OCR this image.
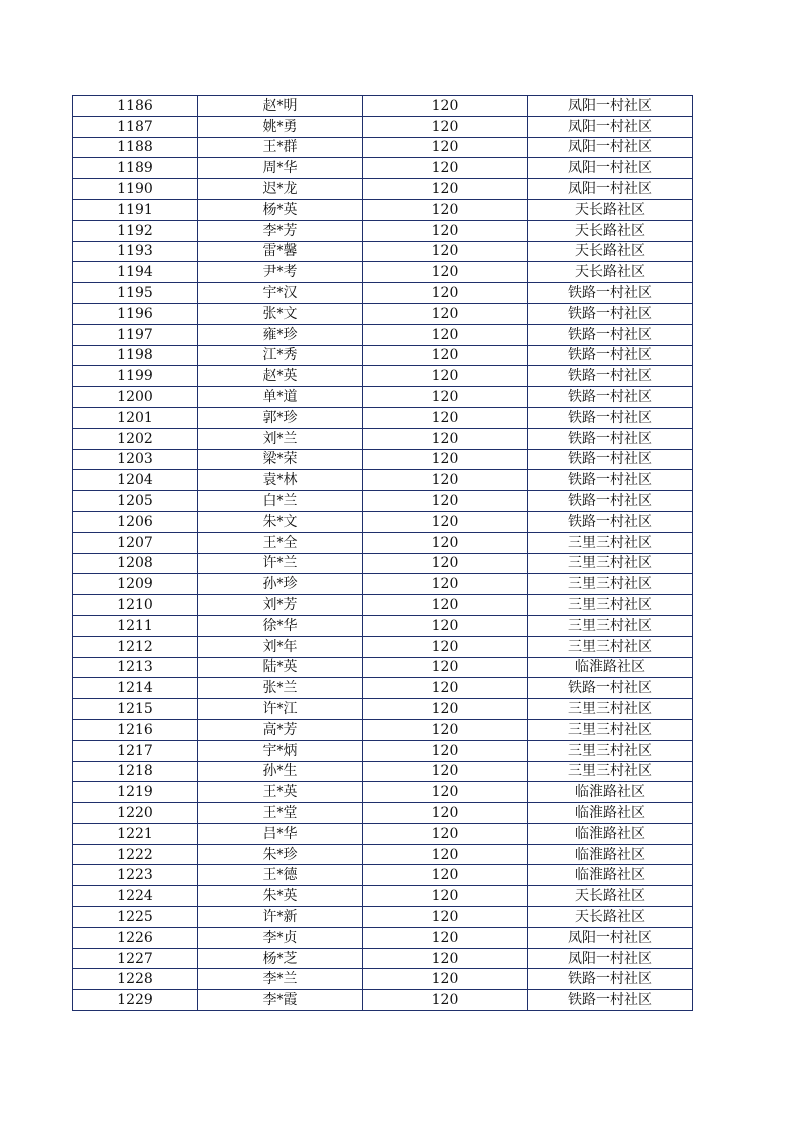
1186	赵*明	120	凤阳一村社区
1187	姚*勇	120	凤阳一村社区
1188	王*群	120	凤阳一村社区
1189	周*华	120	凤阳一村社区
1190	迟*龙	120	凤阳一村社区
1191	杨*英	120	天长路社区
1192	李*芳	120	天长路社区
1193	雷*馨	120	天长路社区
1194	尹*考	120	天长路社区
1195	宇*汉	120	铁路一村社区
1196	张*文	120	铁路一村社区
1197	雍*珍	120	铁路一村社区
1198	江*秀	120	铁路一村社区
1199	赵*英	120	铁路一村社区
1200	单*道	120	铁路一村社区
1201	郭*珍	120	铁路一村社区
1202	刘*兰	120	铁路一村社区
1203	梁*荣	120	铁路一村社区
1204	袁*林	120	铁路一村社区
1205	白*兰	120	铁路一村社区
1206	朱*文	120	铁路一村社区
1207	王*全	120	三里三村社区
1208	许*兰	120	三里三村社区
1209	孙*珍	120	三里三村社区
1210	刘*芳	120	三里三村社区
1211	徐*华	120	三里三村社区
1212	刘*年	120	三里三村社区
1213	陆*英	120	临淮路社区
1214	张*兰	120	铁路一村社区
1215	许*江	120	三里三村社区
1216	高*芳	120	三里三村社区
1217	宇*炳	120	三里三村社区
1218	孙*生	120	三里三村社区
1219	王*英	120	临淮路社区
1220	王*堂	120	临淮路社区
1221	吕*华	120	临淮路社区
1222	朱*珍	120	临淮路社区
1223	王*德	120	临淮路社区
1224	朱*英	120	天长路社区
1225	许*新	120	天长路社区
1226	李*贞	120	凤阳一村社区
1227	杨*芝	120	凤阳一村社区
1228	李*兰	120	铁路一村社区
1229	李*霞	120	铁路一村社区
